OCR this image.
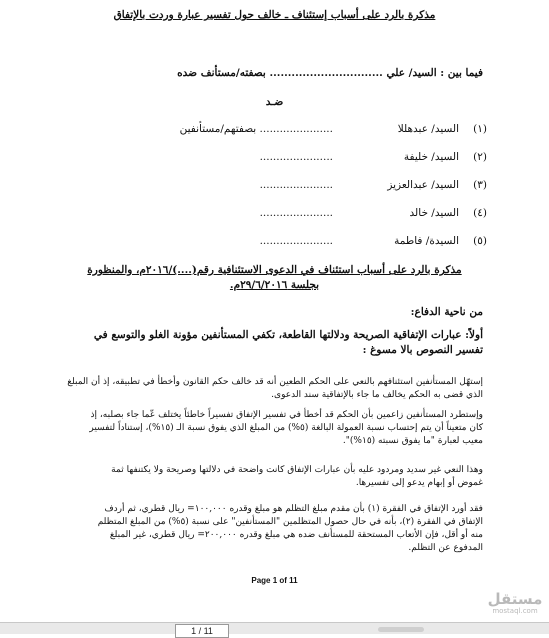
مذكرة بالرد على أسباب إستئناف ـ خالف حول تفسير عبارة وردت بالإتفاق
فيما بين : السيد/ علي ............................... بصفته/مستأنف ضده
ضـد
(١)
السيد/ عبدهللا
...................... بصفتهم/مستأنفين
(٢)
السيد/ خليفة
......................
(٣)
السيد/ عبدالعزيز
......................
(٤)
السيد/ خالد
......................
(٥)
السيدة/ فاطمة
......................
مذكرة بالرد على أسباب استئناف في الدعوى الاستئنافية رقم(....)/٢٠١٦م، والمنظورة
بجلسة ٢٩/٦/٢٠١٦م.
من ناحية الدفاع:
أولاً: عبارات الإتفاقية الصريحة ودلالتها القاطعة، تكفي المستأنفين مؤونة الغلو والتوسع في
تفسير النصوص بالا مسوغ :
إستهّل المستأنفين استئنافهم بالنعي على الحكم الطعين أنه قد خالف حكم القانون وأخطأ في تطبيقه، إذ أن المبلغ
الذي قضى به الحكم يخالف ما جاء بالإتفاقية سند الدعوى.
وإستطرد المستأنفين زاعمين بأن الحكم قد أخطأ في تفسير الإتفاق تفسيراً خاطئاً يختلف عّما جاء بصلبه، إذ
كان متعيناً أن يتم إحتساب نسبة العمولة البالغة (٥%) من المبلغ الذي يفوق نسبة الـ (١٥%)، إستناداً لتفسير
معيب لعبارة "ما يفوق نسبته (١٥%)".
وهذا النعي غير سديد ومردود عليه بأن عبارات الإتفاق كانت واضحة في دلالتها وصريحة ولا يكتنفها ثمة
غموض أو إبهام يدعو إلى تفسيرها.
فقد أورد الإتفاق في الفقرة (١) بأن مقدم مبلغ التظلم هو مبلغ وقدره ١٠٠,٠٠٠= ريال قطري، ثم أردف
الإتفاق في الفقرة (٢)، بأنه في حال حصول المتظلمين "المستأنفين" على نسبة (٥%) من المبلغ المتظلم
منه أو أقل، فإن الأتعاب المستحقة للمستأنف ضده هي مبلغ وقدره ٢٠٠,٠٠٠= ريال قطري، غير المبلغ
المدفوع عن التظلم.
Page 1 of 11
مستقل
mostaql.com
1 / 11
